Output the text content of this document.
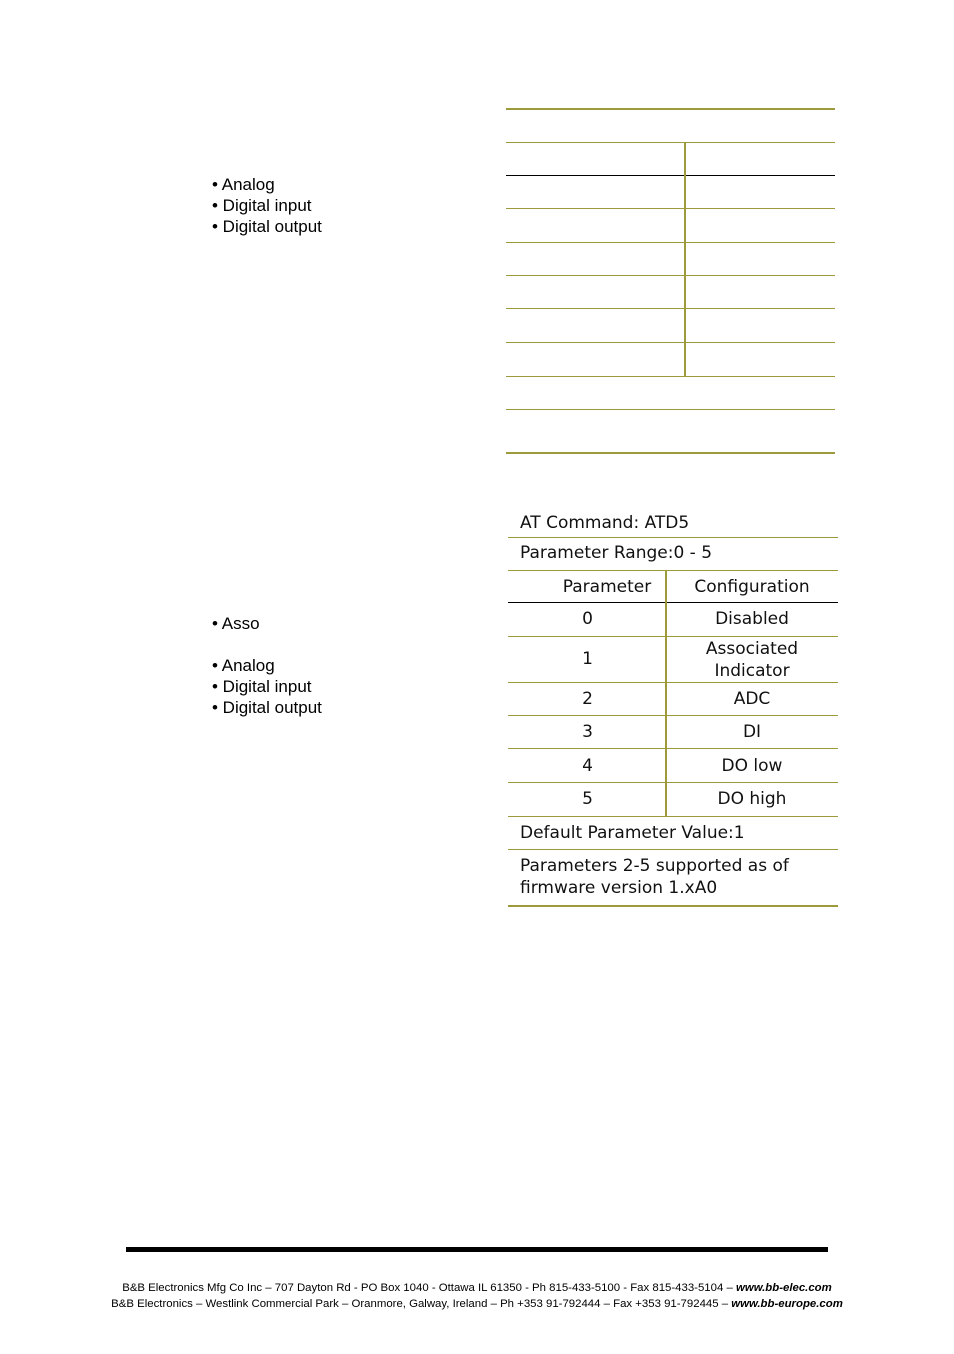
• Analog
• Digital input
• Digital output
• Asso
• Analog
• Digital input
• Digital output
AT Command: ATD5
Parameter Range:0 - 5
Parameter	Configuration
0	Disabled
1	Associated Indicator
2	ADC
3	DI
4	DO low
5	DO high
Default Parameter Value:1
Parameters 2-5 supported as of firmware version 1.xA0
B&B Electronics Mfg Co Inc – 707 Dayton Rd - PO Box 1040 - Ottawa IL 61350 - Ph 815-433-5100 - Fax 815-433-5104 – www.bb-elec.com
B&B Electronics – Westlink Commercial Park – Oranmore, Galway, Ireland – Ph +353 91-792444 – Fax +353 91-792445 – www.bb-europe.com
